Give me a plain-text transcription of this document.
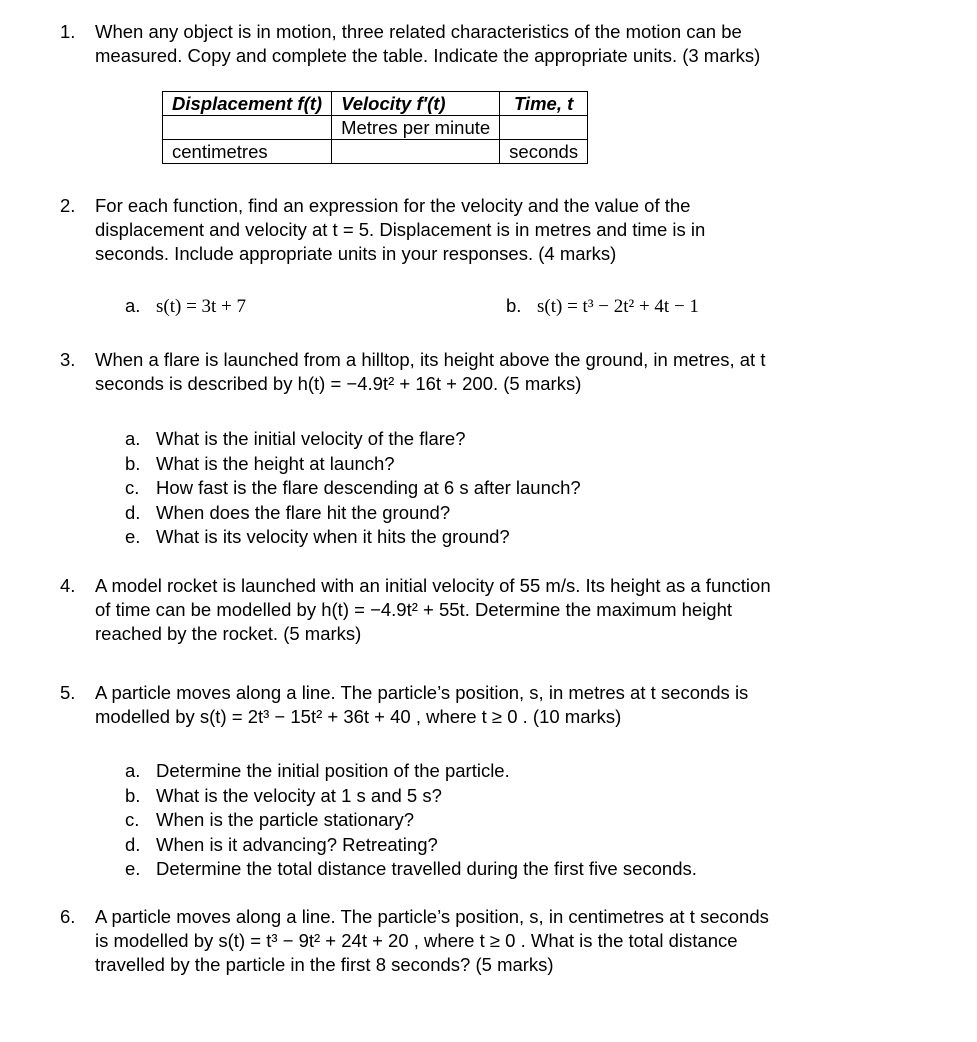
1. When any object is in motion, three related characteristics of the motion can be
measured. Copy and complete the table. Indicate the appropriate units. (3 marks)
Displacement f(t)	Velocity f′(t)	Time, t
	Metres per minute	
centimetres		seconds
2. For each function, find an expression for the velocity and the value of the
displacement and velocity at t = 5. Displacement is in metres and time is in
seconds. Include appropriate units in your responses. (4 marks)
a. s(t) = 3t + 7	b. s(t) = t³ − 2t² + 4t − 1
3. When a flare is launched from a hilltop, its height above the ground, in metres, at t
seconds is described by h(t) = −4.9t² + 16t + 200. (5 marks)
a. What is the initial velocity of the flare?
b. What is the height at launch?
c. How fast is the flare descending at 6 s after launch?
d. When does the flare hit the ground?
e. What is its velocity when it hits the ground?
4. A model rocket is launched with an initial velocity of 55 m/s. Its height as a function
of time can be modelled by h(t) = −4.9t² + 55t. Determine the maximum height
reached by the rocket. (5 marks)
5. A particle moves along a line. The particle’s position, s, in metres at t seconds is
modelled by s(t) = 2t³ − 15t² + 36t + 40 , where t ≥ 0 . (10 marks)
a. Determine the initial position of the particle.
b. What is the velocity at 1 s and 5 s?
c. When is the particle stationary?
d. When is it advancing? Retreating?
e. Determine the total distance travelled during the first five seconds.
6. A particle moves along a line. The particle’s position, s, in centimetres at t seconds
is modelled by s(t) = t³ − 9t² + 24t + 20 , where t ≥ 0 . What is the total distance
travelled by the particle in the first 8 seconds? (5 marks)
